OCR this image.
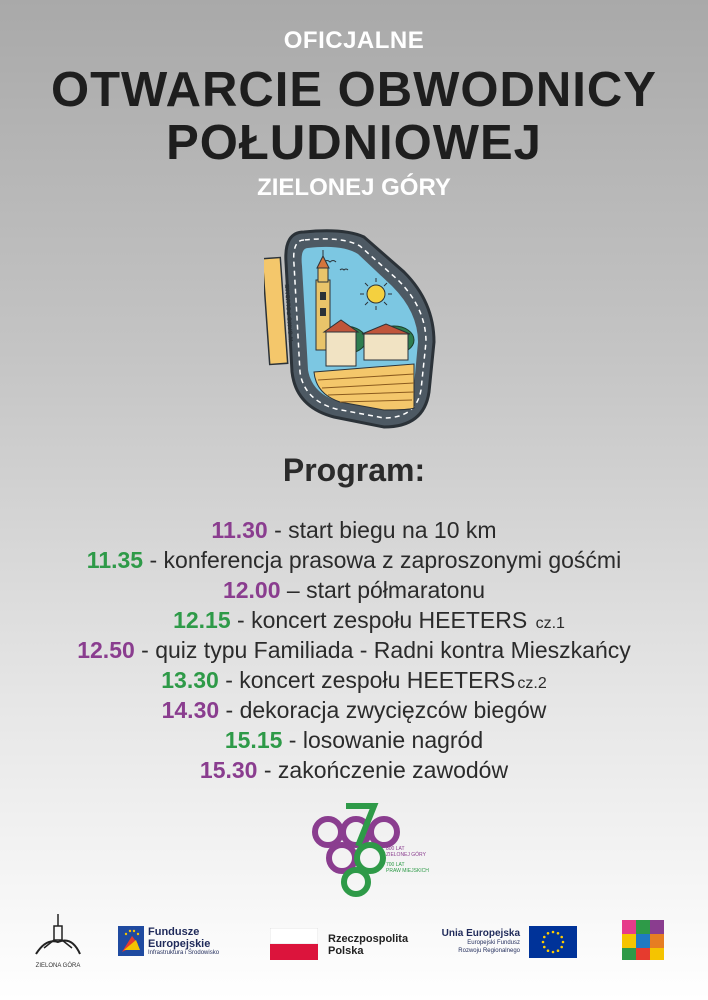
OFICJALNE
OTWARCIE OBWODNICY
POŁUDNIOWEJ
ZIELONEJ GÓRY
W SAMO POŁUDNIE
Program:
11.30 - start biegu na 10 km
11.35 - konferencja prasowa z zaproszonymi gośćmi
12.00 – start półmaratonu
12.15 - koncert zespołu HEETERS cz.1
12.50 - quiz typu Familiada - Radni kontra Mieszkańcy
13.30 - koncert zespołu HEETERS cz.2
14.30 - dekoracja zwycięzców biegów
15.15 - losowanie nagród
15.30 - zakończenie zawodów
800 LAT
ZIELONEJ GÓRY
700 LAT
PRAW MIEJSKICH
ZIELONA GÓRA
Fundusze
Europejskie
Infrastruktura i Środowisko
Rzeczpospolita
Polska
Unia Europejska
Europejski Fundusz
Rozwoju Regionalnego
